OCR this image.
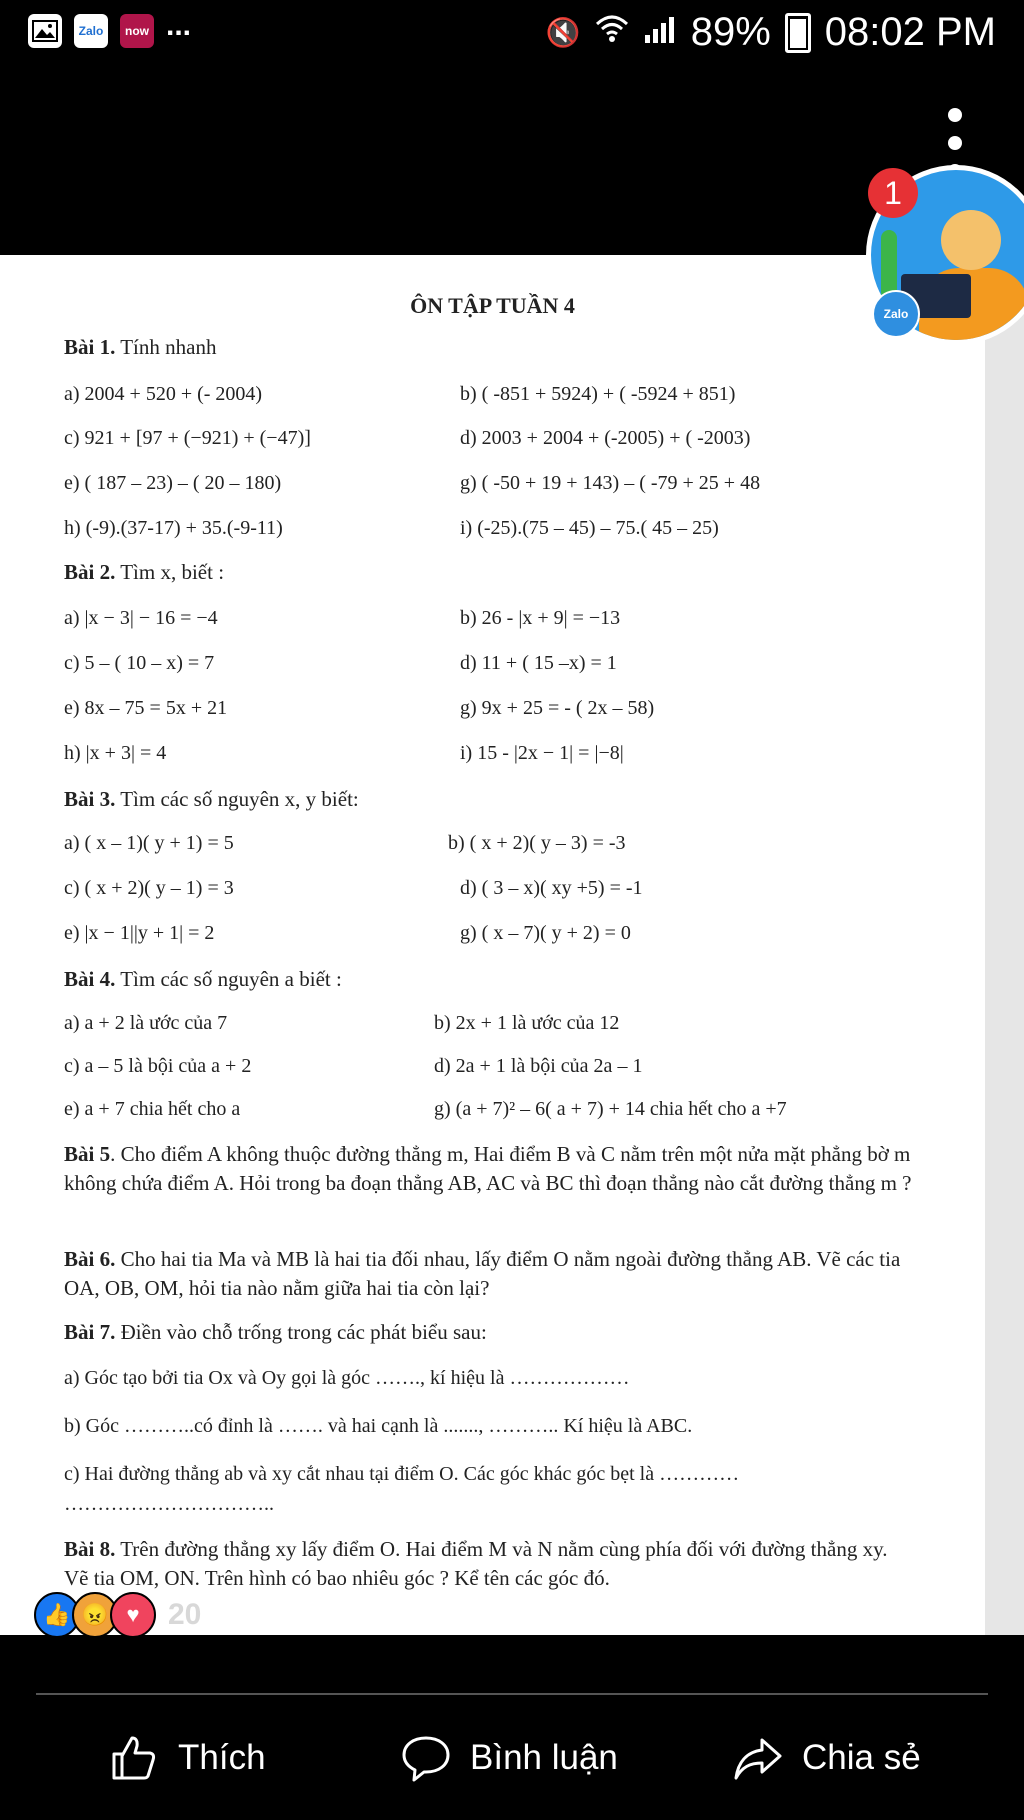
Zalo	now ...	🔇	89% 08:02 PM
ÔN TẬP TUẦN 4
Bài 1. Tính nhanh
a) 2004 + 520 + (- 2004)	b) ( -851 + 5924) + ( -5924 + 851)
c) 921 + [97 + (−921) + (−47)]	d) 2003 + 2004 + (-2005) + ( -2003)
e) ( 187 – 23) – ( 20 – 180)	g) ( -50 + 19 + 143) – ( -79 + 25 + 48
h) (-9).(37-17) + 35.(-9-11)	i) (-25).(75 – 45) – 75.( 45 – 25)
Bài 2. Tìm x, biết :
a) |x − 3| − 16 = −4	b) 26 - |x + 9| = −13
c) 5 – ( 10 – x) = 7	d) 11 + ( 15 –x) = 1
e) 8x – 75 = 5x + 21	g) 9x + 25 = - ( 2x – 58)
h) |x + 3| = 4	i) 15 - |2x − 1| = |−8|
Bài 3. Tìm các số nguyên x, y biết:
a) ( x – 1)( y + 1) = 5	b) ( x + 2)( y – 3) = -3
c) ( x + 2)( y – 1) = 3	d) ( 3 – x)( xy +5) = -1
e) |x − 1||y + 1| = 2	g) ( x – 7)( y + 2) = 0
Bài 4. Tìm các số nguyên a biết :
a) a + 2 là ước của 7	b) 2x + 1 là ước của 12
c) a – 5 là bội của a + 2	d) 2a + 1 là bội của 2a – 1
e) a + 7 chia hết cho a	g) (a + 7)² – 6( a + 7) + 14 chia hết cho a +7
Bài 5. Cho điểm A không thuộc đường thẳng m, Hai điểm B và C nằm trên một nửa mặt phẳng bờ m không chứa điểm A. Hỏi trong ba đoạn thẳng AB, AC và BC thì đoạn thẳng nào cắt đường thẳng m ?
Bài 6. Cho hai tia Ma và MB là hai tia đối nhau, lấy điểm O nằm ngoài đường thẳng AB. Vẽ các tia OA, OB, OM, hỏi tia nào nằm giữa hai tia còn lại?
Bài 7. Điền vào chỗ trống trong các phát biểu sau:
a) Góc tạo bởi tia Ox và Oy gọi là góc ……., kí hiệu là ………………
b) Góc ………..có đỉnh là ……. và hai cạnh là ......., ……….. Kí hiệu là ABC.
c) Hai đường thẳng ab và xy cắt nhau tại điểm O. Các góc khác góc bẹt là …………
…………………………..
Bài 8. Trên đường thẳng xy lấy điểm O. Hai điểm M và N nằm cùng phía đối với đường thẳng xy. Vẽ tia OM, ON. Trên hình có bao nhiêu góc ? Kể tên các góc đó.
1
Zalo
👍 😠 ♥ 20
Thích	Bình luận	Chia sẻ
